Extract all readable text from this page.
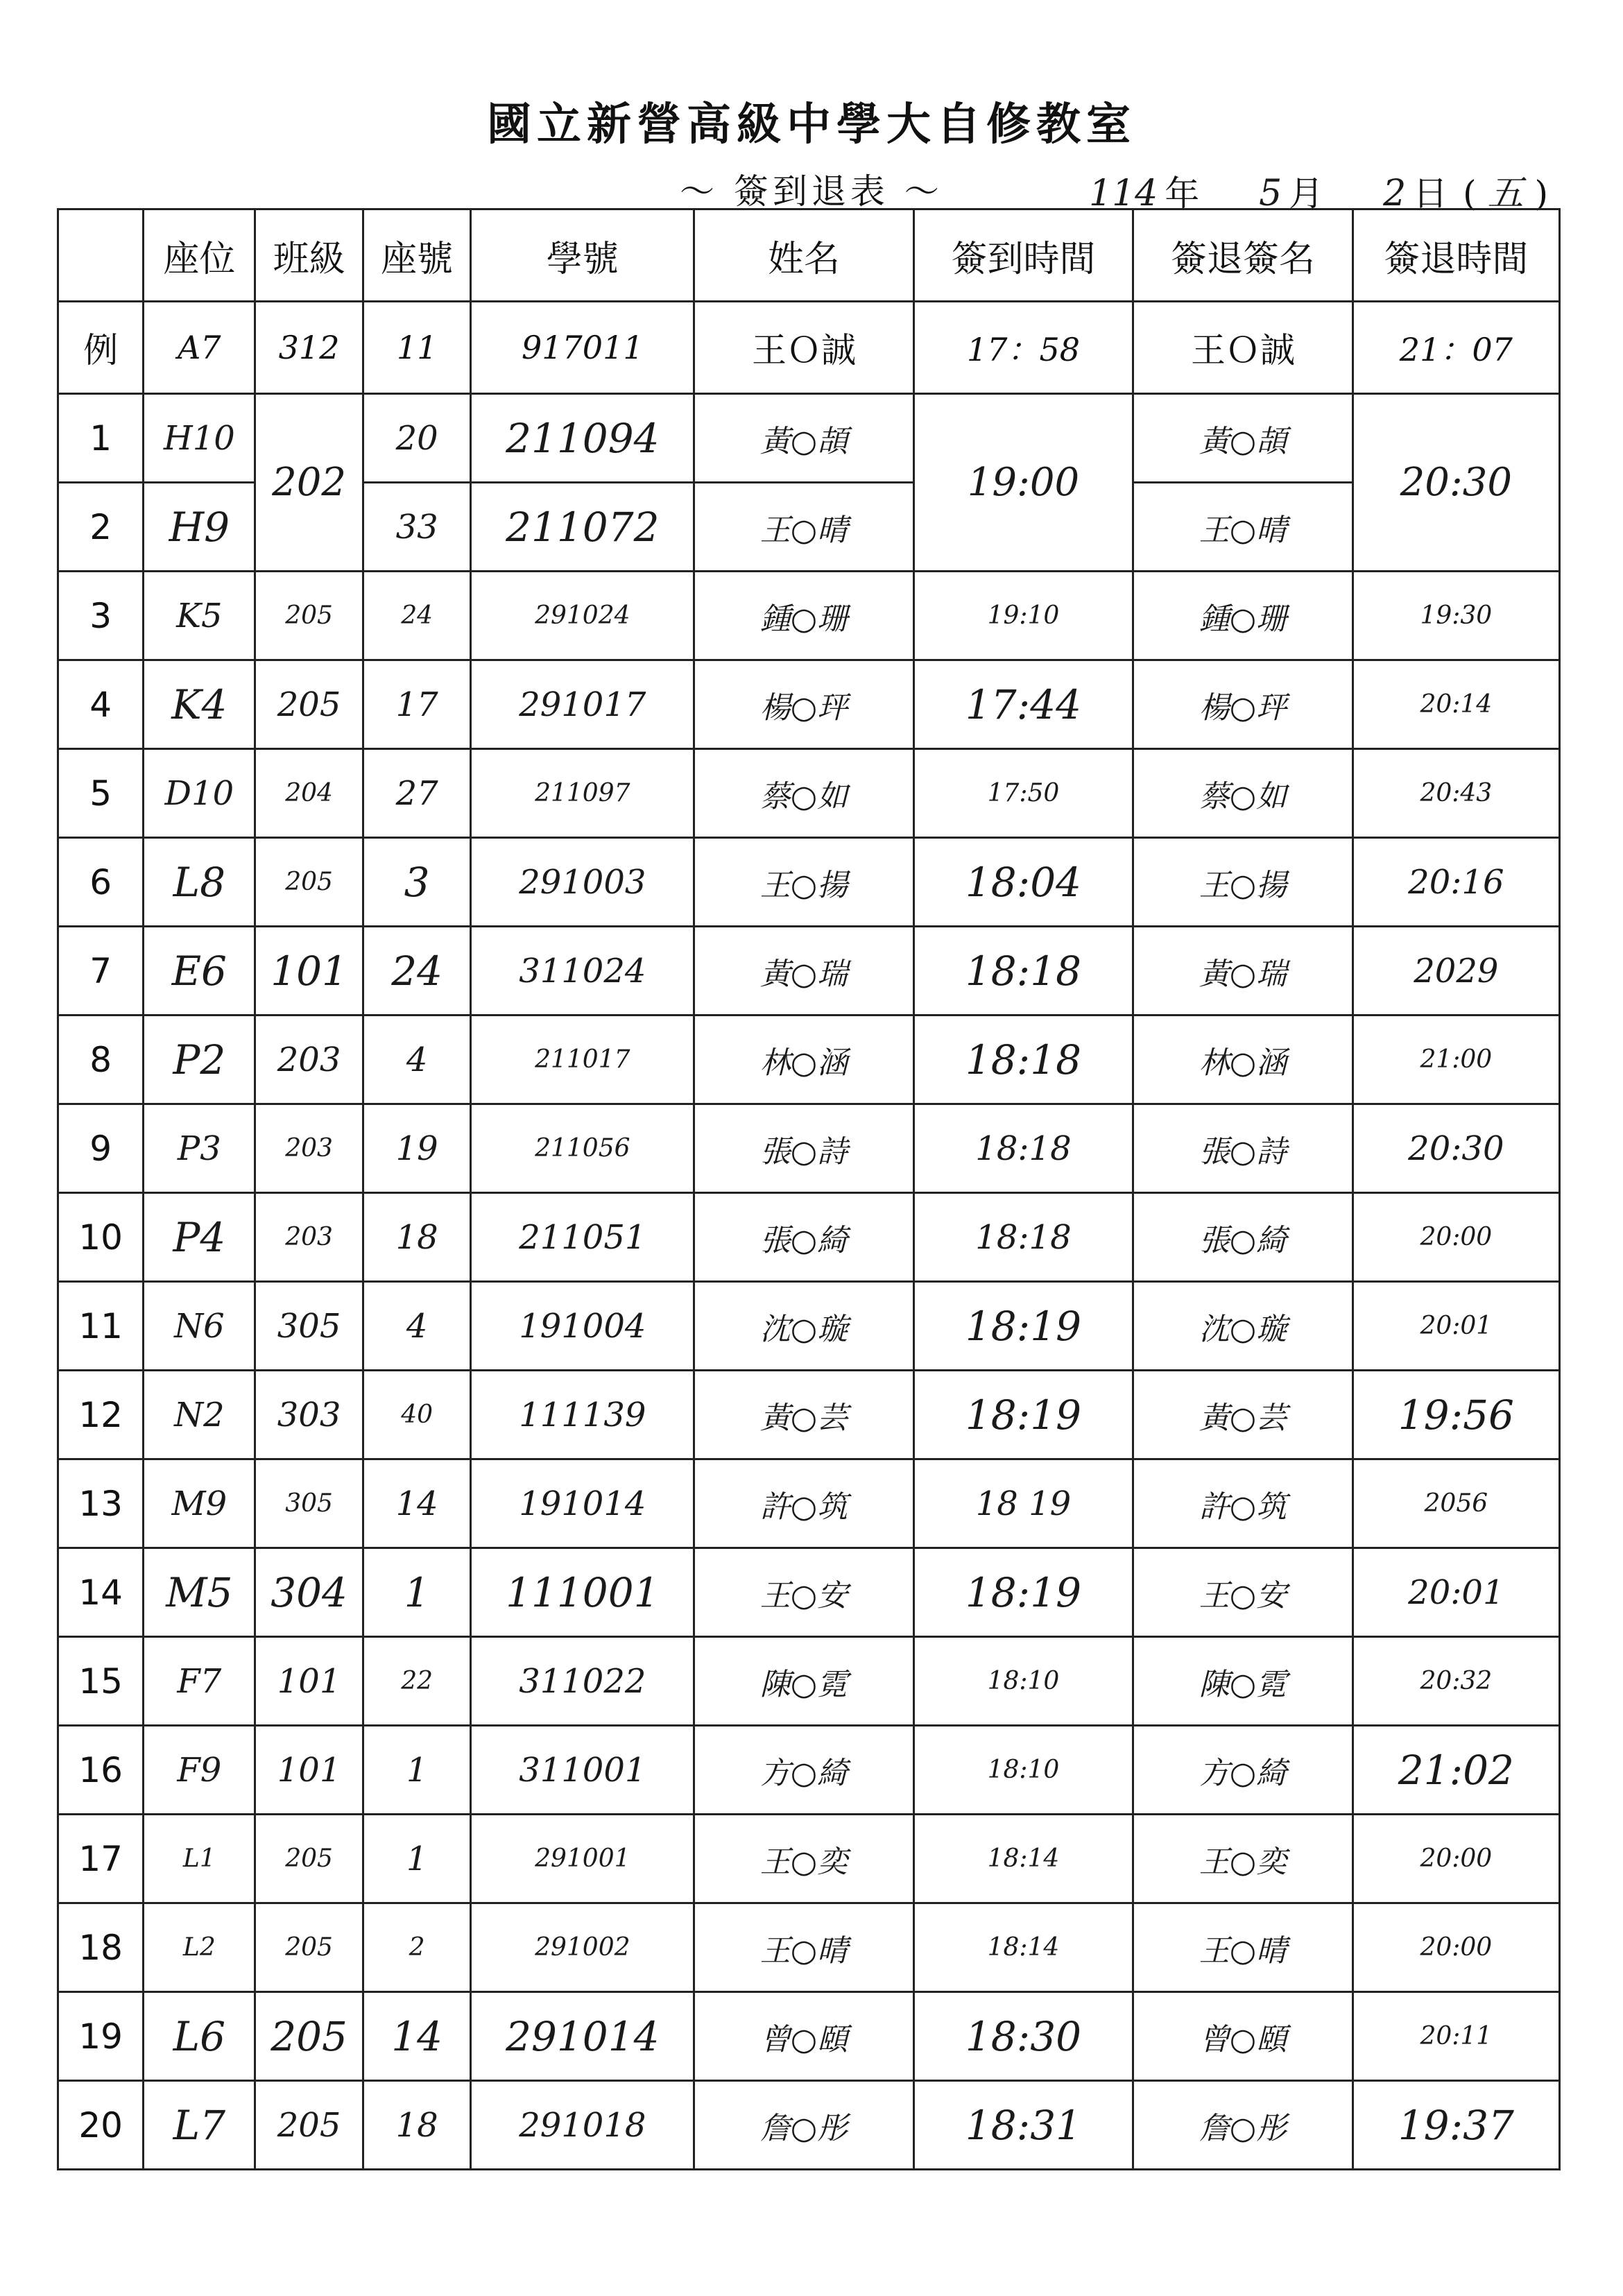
國立新營高級中學大自修教室
～ 簽到退表 ～	114 年 5 月 2 日 ( 五 )
	座位	班級	座號	學號	姓名	簽到時間	簽退簽名	簽退時間
例	A7	312	11	917011	王Ｏ誠	17：58	王Ｏ誠	21：07
1	H10	202	20	211094	黃○頡	19:00	黃○頡	20:30
2	H9		33	211072	王○晴		王○晴	
3	K5	205	24	291024	鍾○珊	19:10	鍾○珊	19:30
4	K4	205	17	291017	楊○玶	17:44	楊○玶	20:14
5	D10	204	27	211097	蔡○如	17:50	蔡○如	20:43
6	L8	205	3	291003	王○揚	18:04	王○揚	20:16
7	E6	101	24	311024	黃○瑞	18:18	黃○瑞	2029
8	P2	203	4	211017	林○涵	18:18	林○涵	21:00
9	P3	203	19	211056	張○詩	18:18	張○詩	20:30
10	P4	203	18	211051	張○綺	18:18	張○綺	20:00
11	N6	305	4	191004	沈○璇	18:19	沈○璇	20:01
12	N2	303	40	111139	黃○芸	18:19	黃○芸	19:56
13	M9	305	14	191014	許○筑	18 19	許○筑	2056
14	M5	304	1	111001	王○安	18:19	王○安	20:01
15	F7	101	22	311022	陳○霓	18:10	陳○霓	20:32
16	F9	101	1	311001	方○綺	18:10	方○綺	21:02
17	L1	205	1	291001	王○奕	18:14	王○奕	20:00
18	L2	205	2	291002	王○晴	18:14	王○晴	20:00
19	L6	205	14	291014	曾○頤	18:30	曾○頤	20:11
20	L7	205	18	291018	詹○彤	18:31	詹○彤	19:37
